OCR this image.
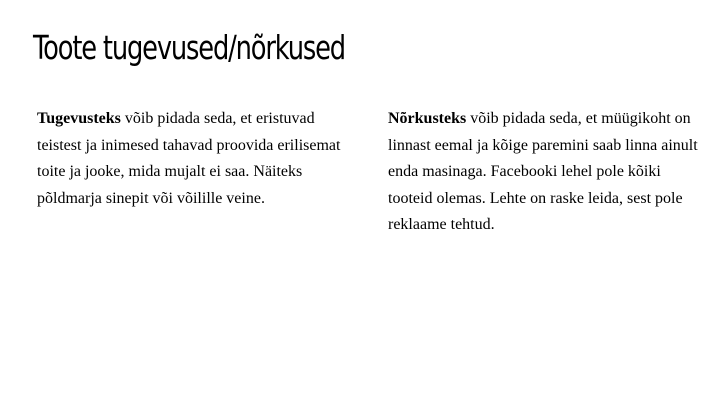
Toote tugevused/nõrkused

Tugevusteks võib pidada seda, et eristuvad teistest ja inimesed tahavad proovida erilisemat toite ja jooke, mida mujalt ei saa. Näiteks põldmarja sinepit või võilille veine.

Nõrkusteks võib pidada seda, et müügikoht on linnast eemal ja kõige paremini saab linna ainult enda masinaga. Facebooki lehel pole kõiki tooteid olemas. Lehte on raske leida, sest pole reklaame tehtud.
